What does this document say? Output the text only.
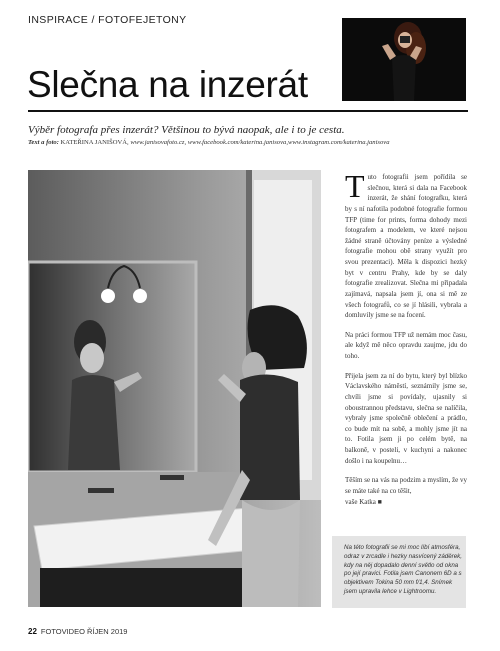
INSPIRACE / FOTOFEJETONY
Slečna na inzerát

Výběr fotografa přes inzerát? Většinou to bývá naopak, ale i to je cesta.

Text a foto: KATEŘINA JANIŠOVÁ, www.janisovafoto.cz, www.facebook.com/katerina.janisova,www.instagram.com/katerina.janisova

Tuto fotografii jsem pořídila se slečnou, která si dala na Facebook inzerát, že shání fotografku, která by s ní nafotila podobné fotografie formou TFP (time for prints, forma dohody mezi fotografem a modelem, ve které nejsou žádné straně účtovány peníze a výsledné fotografie mohou obě strany využít pro svou prezentaci). Měla k dispozici hezký byt v centru Prahy, kde by se daly fotografie zrealizovat. Slečna mi připadala zajímavá, napsala jsem jí, ona si mě ze všech fotografů, co se jí hlásili, vybrala a domluvily jsme se na focení.

Na práci formou TFP už nemám moc času, ale když mě něco opravdu zaujme, jdu do toho.

Přijela jsem za ní do bytu, který byl blízko Václavského náměstí, seznámily jsme se, chvíli jsme si povídaly, ujasnily si oboustrannou představu, slečna se nalíčila, vybraly jsme společně oblečení a prádlo, co bude mít na sobě, a mohly jsme jít na to. Fotila jsem ji po celém bytě, na balkoně, v posteli, v kuchyni a nakonec došlo i na koupelnu…

Těším se na vás na podzim a myslím, že vy se máte také na co těšit,
vaše Katka ■

Na této fotografii se mi moc líbí atmosféra, odraz v zrcadle i hezky nasvícený záděrek, kdy na něj dopadalo denní světlo od okna po její pravici. Fotila jsem Canonem 6D a s objektivem Tokina 50 mm f/1,4. Snímek jsem upravila lehce v Lightroomu.

22 FOTOVIDEO ŘÍJEN 2019
